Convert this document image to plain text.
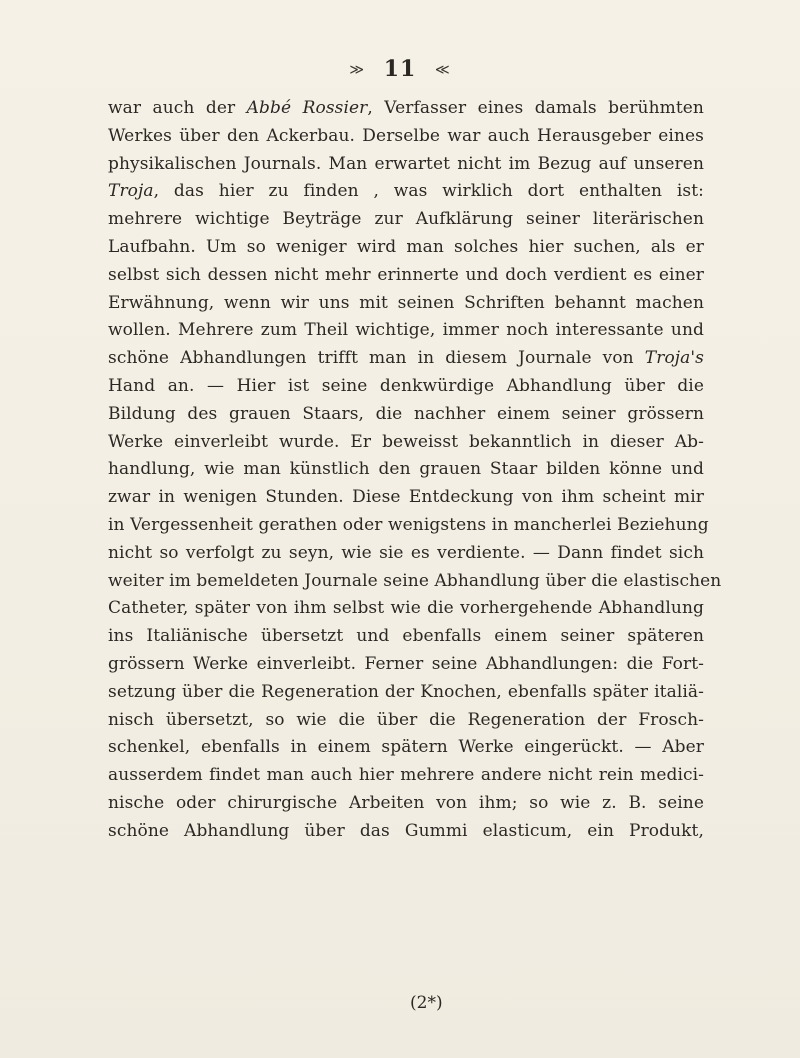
≫ 11 ≪
war auch der Abbé Rossier, Verfasser eines damals berühmten
Werkes über den Ackerbau. Derselbe war auch Herausgeber eines
physikalischen Journals. Man erwartet nicht im Bezug auf unseren
Troja, das hier zu finden , was wirklich dort enthalten ist:
mehrere wichtige Beyträge zur Aufklärung seiner literärischen
Laufbahn. Um so weniger wird man solches hier suchen, als er
selbst sich dessen nicht mehr erinnerte und doch verdient es einer
Erwähnung, wenn wir uns mit seinen Schriften behannt machen
wollen. Mehrere zum Theil wichtige, immer noch interessante und
schöne Abhandlungen trifft man in diesem Journale von Troja's
Hand an. — Hier ist seine denkwürdige Abhandlung über die
Bildung des grauen Staars, die nachher einem seiner grössern
Werke einverleibt wurde. Er beweisst bekanntlich in dieser Ab-
handlung, wie man künstlich den grauen Staar bilden könne und
zwar in wenigen Stunden. Diese Entdeckung von ihm scheint mir
in Vergessenheit gerathen oder wenigstens in mancherlei Beziehung
nicht so verfolgt zu seyn, wie sie es verdiente. — Dann findet sich
weiter im bemeldeten Journale seine Abhandlung über die elastischen
Catheter, später von ihm selbst wie die vorhergehende Abhandlung
ins Italiänische übersetzt und ebenfalls einem seiner späteren
grössern Werke einverleibt. Ferner seine Abhandlungen: die Fort-
setzung über die Regeneration der Knochen, ebenfalls später italiä-
nisch übersetzt, so wie die über die Regeneration der Frosch-
schenkel, ebenfalls in einem spätern Werke eingerückt. — Aber
ausserdem findet man auch hier mehrere andere nicht rein medici-
nische oder chirurgische Arbeiten von ihm; so wie z. B. seine
schöne Abhandlung über das Gummi elasticum, ein Produkt,
(2*)
